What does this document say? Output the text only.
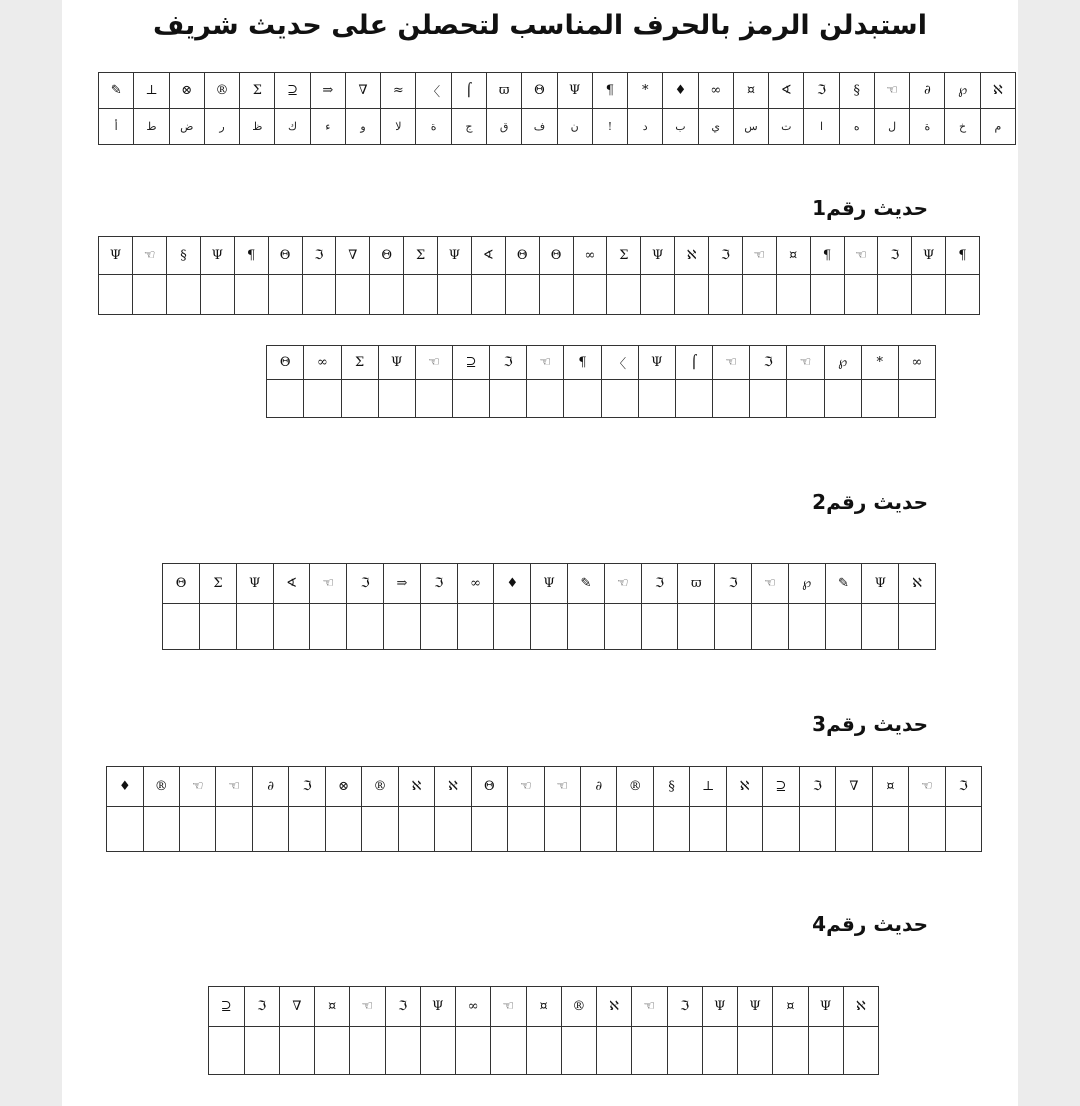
استبدلن الرمز بالحرف المناسب لتحصلن على حديث شريف
ℵ	℘	∂	☜	§	ℑ	∢	¤	∞	♦	*	¶	Ψ	Θ	ϖ	⌠	〉	≈	∇	⇒	⊆	Σ	®	⊗	⊥	✎
م	خ	ة	ل	ه	ا	ت	س	ي	ب	د	!	ن	ف	ق	ج	ة	لا	و	ء	ك	ظ	ر	ض	ط	أ
حديث رقم1
¶	Ψ	ℑ	☜	¶	¤	☜	ℑ	ℵ	Ψ	Σ	∞	Θ	Θ	∢	Ψ	Σ	Θ	∇	ℑ	Θ	¶	Ψ	§	☜	Ψ

∞	*	℘	☜	ℑ	☜	⌠	Ψ	〉	¶	☜	ℑ	⊆	☜	Ψ	Σ	∞	Θ

حديث رقم2
ℵ	Ψ	✎	℘	☜	ℑ	ϖ	ℑ	☜	✎	Ψ	♦	∞	ℑ	⇒	ℑ	☜	∢	Ψ	Σ	Θ

حديث رقم3
ℑ	☜	¤	∇	ℑ	⊆	ℵ	⊥	§	®	∂	☜	☜	Θ	ℵ	ℵ	®	⊗	ℑ	∂	☜	☜	®	♦

حديث رقم4
ℵ	Ψ	¤	Ψ	Ψ	ℑ	☜	ℵ	®	¤	☜	∞	Ψ	ℑ	☜	¤	∇	ℑ	⊆
